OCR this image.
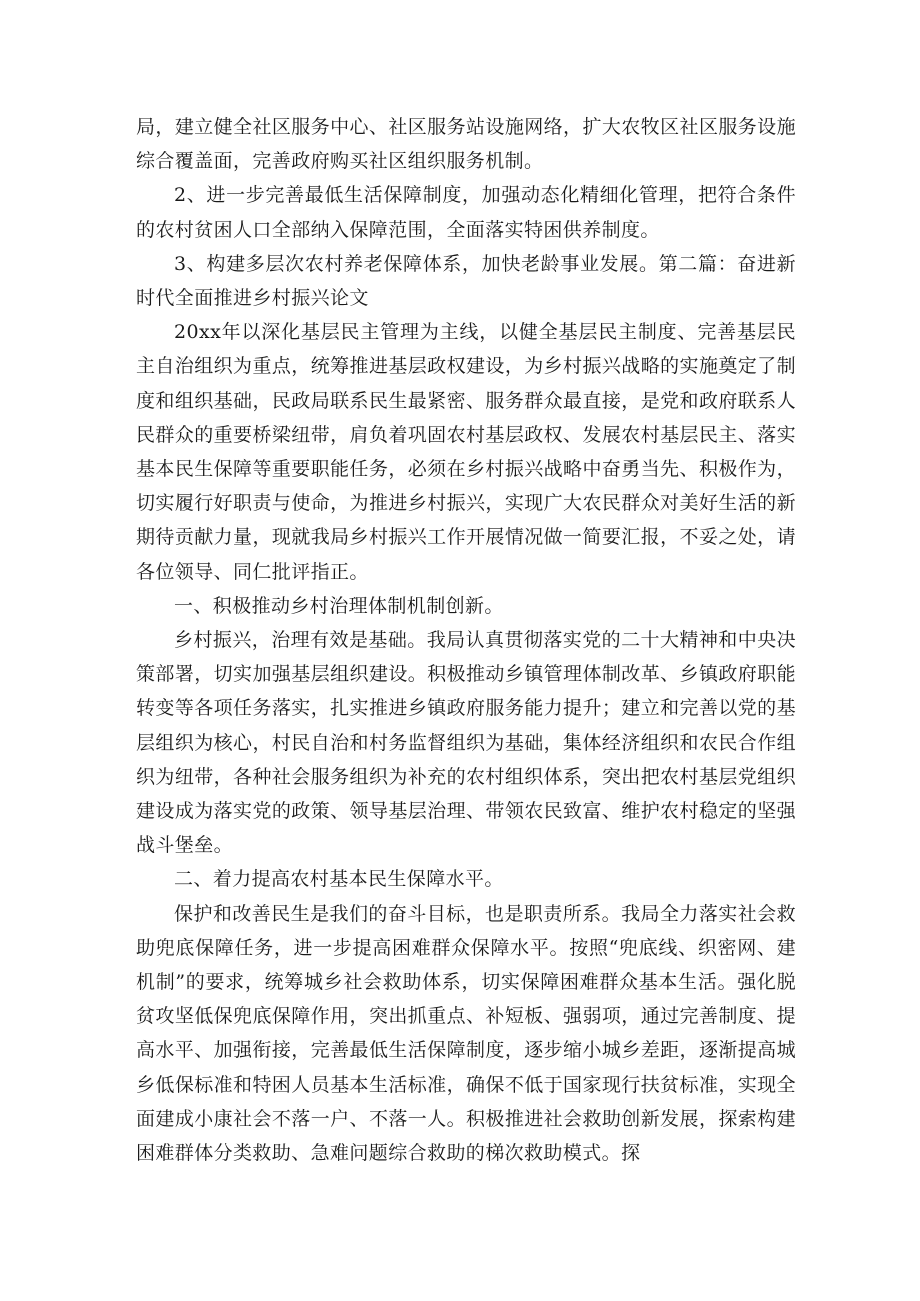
局，建立健全社区服务中心、社区服务站设施网络，扩大农牧区社区服务设施综合覆盖面，完善政府购买社区组织服务机制。

2、进一步完善最低生活保障制度，加强动态化精细化管理，把符合条件的农村贫困人口全部纳入保障范围，全面落实特困供养制度。

3、构建多层次农村养老保障体系，加快老龄事业发展。第二篇：奋进新时代全面推进乡村振兴论文

20xx年以深化基层民主管理为主线，以健全基层民主制度、完善基层民主自治组织为重点，统筹推进基层政权建设，为乡村振兴战略的实施奠定了制度和组织基础，民政局联系民生最紧密、服务群众最直接，是党和政府联系人民群众的重要桥梁纽带，肩负着巩固农村基层政权、发展农村基层民主、落实基本民生保障等重要职能任务，必须在乡村振兴战略中奋勇当先、积极作为，切实履行好职责与使命，为推进乡村振兴，实现广大农民群众对美好生活的新期待贡献力量，现就我局乡村振兴工作开展情况做一简要汇报，不妥之处，请各位领导、同仁批评指正。

一、积极推动乡村治理体制机制创新。

乡村振兴，治理有效是基础。我局认真贯彻落实党的二十大精神和中央决策部署，切实加强基层组织建设。积极推动乡镇管理体制改革、乡镇政府职能转变等各项任务落实，扎实推进乡镇政府服务能力提升；建立和完善以党的基层组织为核心，村民自治和村务监督组织为基础，集体经济组织和农民合作组织为纽带，各种社会服务组织为补充的农村组织体系，突出把农村基层党组织建设成为落实党的政策、领导基层治理、带领农民致富、维护农村稳定的坚强战斗堡垒。

二、着力提高农村基本民生保障水平。

保护和改善民生是我们的奋斗目标，也是职责所系。我局全力落实社会救助兜底保障任务，进一步提高困难群众保障水平。按照“兜底线、织密网、建机制”的要求，统筹城乡社会救助体系，切实保障困难群众基本生活。强化脱贫攻坚低保兜底保障作用，突出抓重点、补短板、强弱项，通过完善制度、提高水平、加强衔接，完善最低生活保障制度，逐步缩小城乡差距，逐渐提高城乡低保标准和特困人员基本生活标准，确保不低于国家现行扶贫标准，实现全面建成小康社会不落一户、不落一人。积极推进社会救助创新发展，探索构建困难群体分类救助、急难问题综合救助的梯次救助模式。探
